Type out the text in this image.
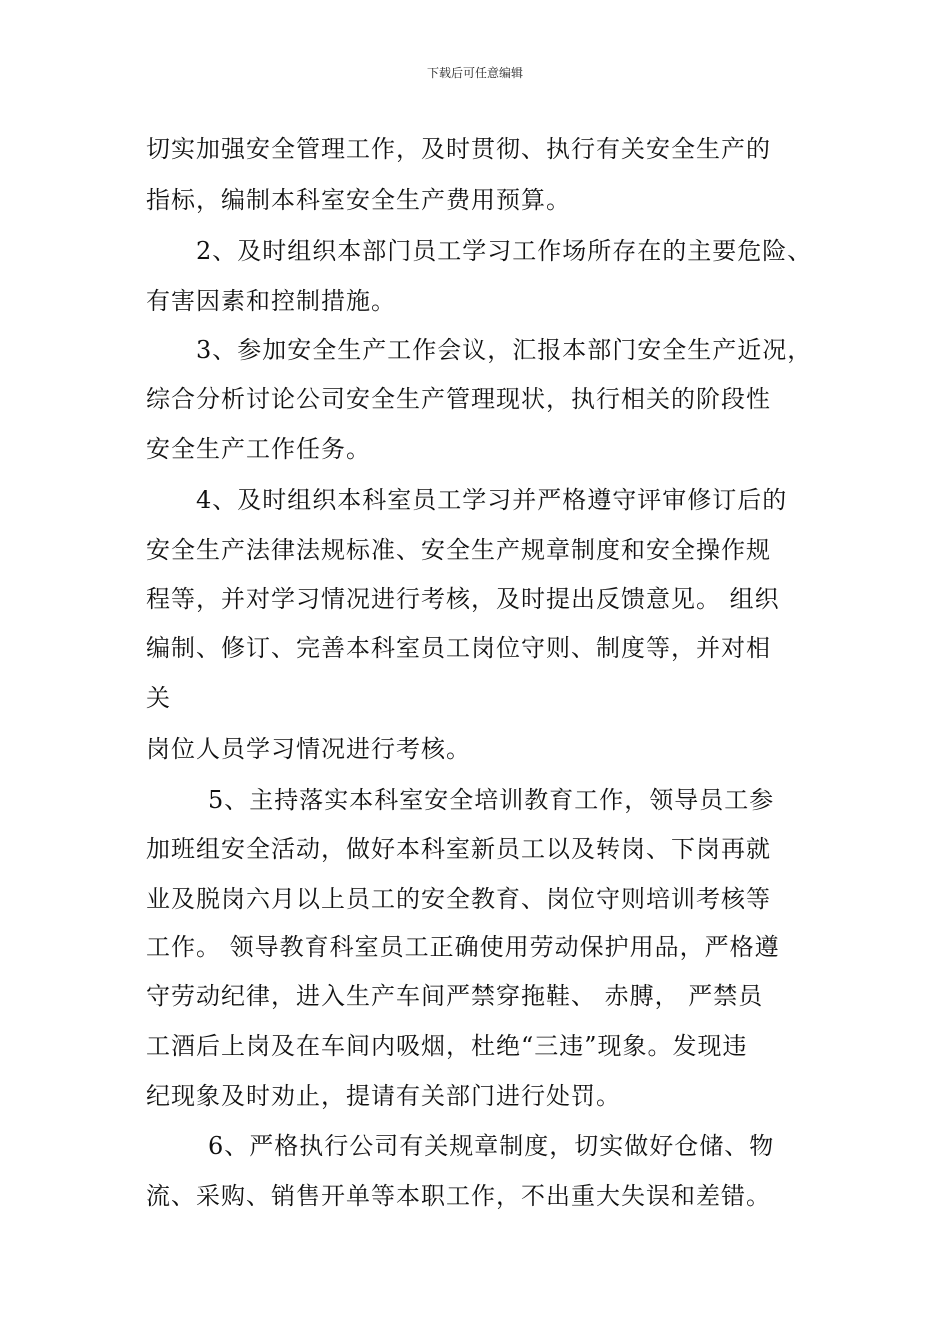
下载后可任意编辑
切实加强安全管理工作，及时贯彻、执行有关安全生产的
指标，编制本科室安全生产费用预算。
2、及时组织本部门员工学习工作场所存在的主要危险、
有害因素和控制措施。
3、参加安全生产工作会议，汇报本部门安全生产近况，
综合分析讨论公司安全生产管理现状，执行相关的阶段性
安全生产工作任务。
4、及时组织本科室员工学习并严格遵守评审修订后的
安全生产法律法规标准、安全生产规章制度和安全操作规
程等，并对学习情况进行考核，及时提出反馈意见。 组织
编制、修订、完善本科室员工岗位守则、制度等，并对相
关
岗位人员学习情况进行考核。
5、主持落实本科室安全培训教育工作，领导员工参
加班组安全活动，做好本科室新员工以及转岗、下岗再就
业及脱岗六月以上员工的安全教育、岗位守则培训考核等
工作。 领导教育科室员工正确使用劳动保护用品，严格遵
守劳动纪律，进入生产车间严禁穿拖鞋、 赤膊， 严禁员
工酒后上岗及在车间内吸烟，杜绝“三违”现象。发现违
纪现象及时劝止，提请有关部门进行处罚。
6、严格执行公司有关规章制度，切实做好仓储、物
流、采购、销售开单等本职工作，不出重大失误和差错。
